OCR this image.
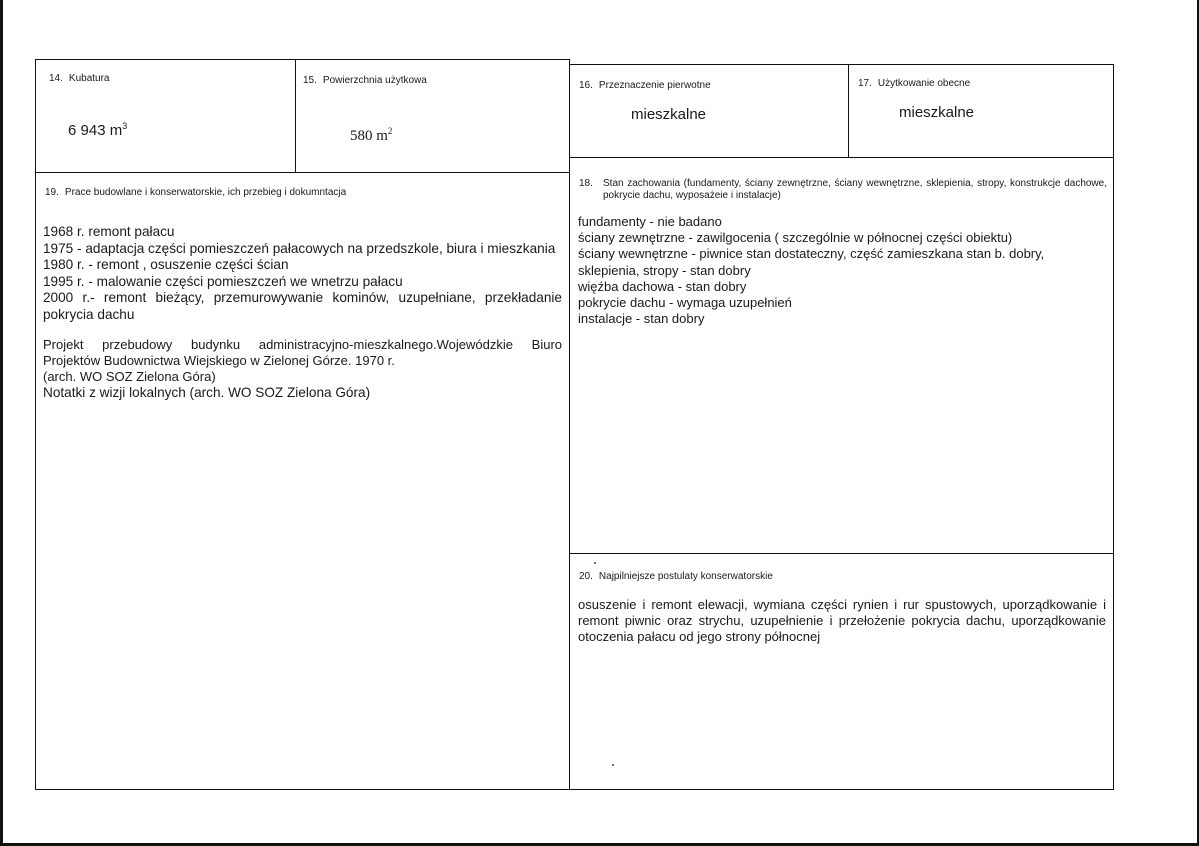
14. Kubatura
6 943 $m^3$
15. Powierzchnia użytkowa
580 $m^2$
16. Przeznaczenie pierwotne
mieszkalne
17. Użytkowanie obecne
mieszkalne
19. Prace budowlane i konserwatorskie, ich przebieg i dokumntacja
1968 r. remont pałacu
1975 - adaptacja części pomieszczeń pałacowych na przedszkole, biura i mieszkania
1980 r. - remont , osuszenie części ścian
1995 r. - malowanie części pomieszczeń we wnetrzu pałacu
2000 r.- remont bieżący, przemurowywanie kominów, uzupełniane, przekładanie pokrycia dachu
Projekt przebudowy budynku administracyjno-mieszkalnego.Wojewódzkie Biuro Projektów Budownictwa Wiejskiego w Zielonej Górze. 1970 r.
(arch. WO SOZ Zielona Góra)
Notatki z wizji lokalnych (arch. WO SOZ Zielona Góra)
18. Stan zachowania (fundamenty, ściany zewnętrzne, ściany wewnętrzne, sklepienia, stropy, konstrukcje dachowe, pokrycie dachu, wyposażeie i instalacje)
fundamenty - nie badano
ściany zewnętrzne - zawilgocenia ( szczególnie w północnej części obiektu)
ściany wewnętrzne - piwnice stan dostateczny, część zamieszkana stan b. dobry,
sklepienia, stropy - stan dobry
więźba dachowa - stan dobry
pokrycie dachu - wymaga uzupełnień
instalacje - stan dobry
20. Najpilniejsze postulaty konserwatorskie
osuszenie i remont elewacji, wymiana części rynien i rur spustowych, uporządkowanie i remont piwnic oraz strychu, uzupełnienie i przełożenie pokrycia dachu, uporządkowanie otoczenia pałacu od jego strony północnej
